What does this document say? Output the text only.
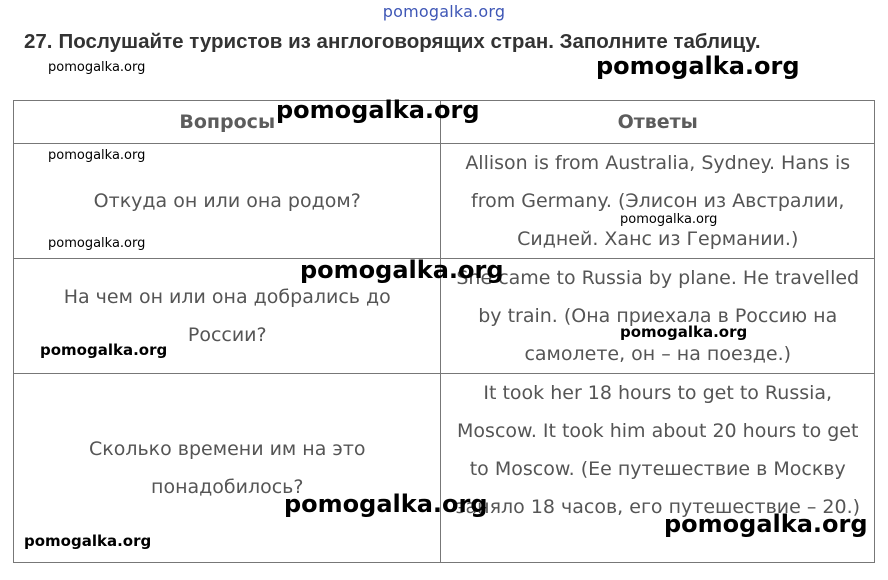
pomogalka.org
27. Послушайте туристов из англоговорящих стран. Заполните таблицу.
Вопросы	Ответы
Откуда он или она родом?	Allison is from Australia, Sydney. Hans is from Germany. (Элисон из Австралии, Сидней. Ханс из Германии.)
На чем он или она добрались до России?	She came to Russia by plane. He travelled by train. (Она приехала в Россию на самолете, он – на поезде.)
Сколько времени им на это понадобилось?	It took her 18 hours to get to Russia, Moscow. It took him about 20 hours to get to Moscow. (Ее путешествие в Москву заняло 18 часов, его путешествие – 20.)
pomogalka.org	pomogalka.org
pomogalka.org
pomogalka.org
pomogalka.org
pomogalka.org
pomogalka.org
pomogalka.org
pomogalka.org
pomogalka.org
pomogalka.org
pomogalka.org
